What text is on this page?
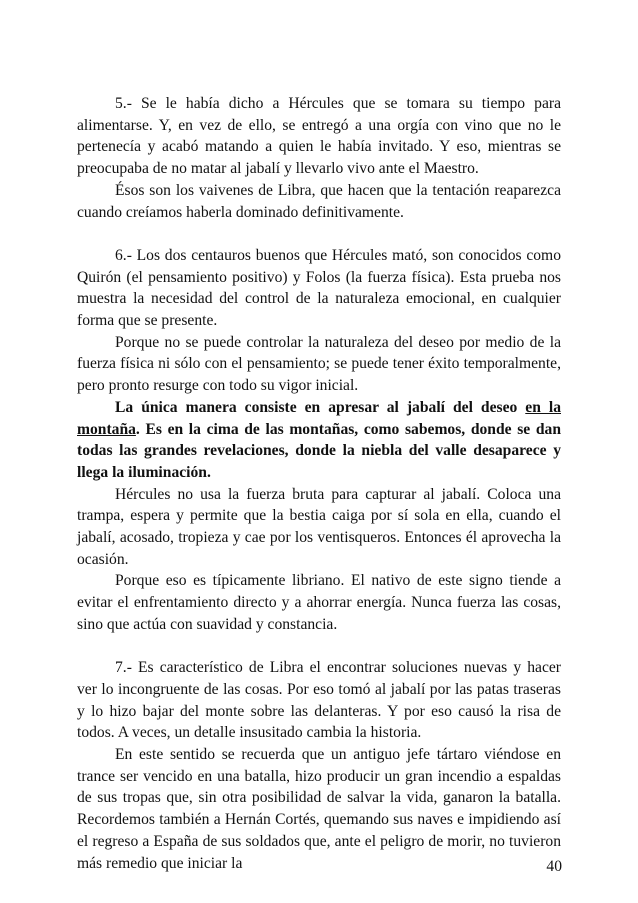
5.- Se le había dicho a Hércules que se tomara su tiempo para alimentarse. Y, en vez de ello, se entregó a una orgía con vino que no le pertenecía y acabó matando a quien le había invitado. Y eso, mientras se preocupaba de no matar al jabalí y llevarlo vivo ante el Maestro.

Ésos son los vaivenes de Libra, que hacen que la tentación reaparezca cuando creíamos haberla dominado definitivamente.

6.- Los dos centauros buenos que Hércules mató, son conocidos como Quirón (el pensamiento positivo) y Folos (la fuerza física). Esta prueba nos muestra la necesidad del control de la naturaleza emocional, en cualquier forma que se presente.

Porque no se puede controlar la naturaleza del deseo por medio de la fuerza física ni sólo con el pensamiento; se puede tener éxito temporalmente, pero pronto resurge con todo su vigor inicial.

La única manera consiste en apresar al jabalí del deseo en la montaña. Es en la cima de las montañas, como sabemos, donde se dan todas las grandes revelaciones, donde la niebla del valle desaparece y llega la iluminación.

Hércules no usa la fuerza bruta para capturar al jabalí. Coloca una trampa, espera y permite que la bestia caiga por sí sola en ella, cuando el jabalí, acosado, tropieza y cae por los ventisqueros. Entonces él aprovecha la ocasión.

Porque eso es típicamente libriano. El nativo de este signo tiende a evitar el enfrentamiento directo y a ahorrar energía. Nunca fuerza las cosas, sino que actúa con suavidad y constancia.

7.- Es característico de Libra el encontrar soluciones nuevas y hacer ver lo incongruente de las cosas. Por eso tomó al jabalí por las patas traseras y lo hizo bajar del monte sobre las delanteras. Y por eso causó la risa de todos. A veces, un detalle insusitado cambia la historia.

En este sentido se recuerda que un antiguo jefe tártaro viéndose en trance ser vencido en una batalla, hizo producir un gran incendio a espaldas de sus tropas que, sin otra posibilidad de salvar la vida, ganaron la batalla. Recordemos también a Hernán Cortés, quemando sus naves e impidiendo así el regreso a España de sus soldados que, ante el peligro de morir, no tuvieron más remedio que iniciar la	40
